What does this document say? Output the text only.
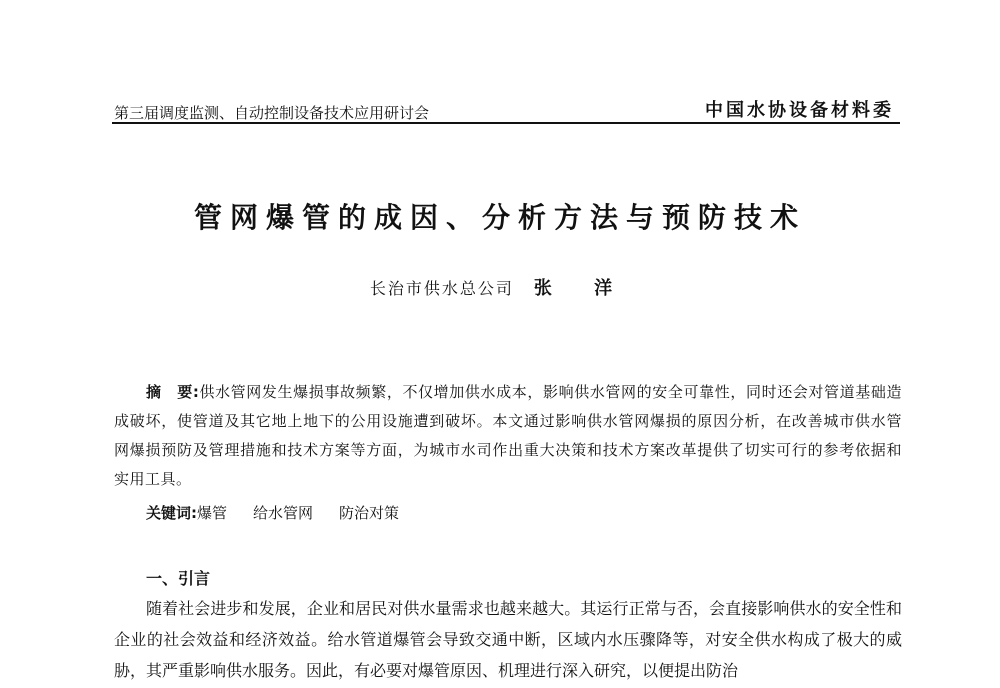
第三届调度监测、自动控制设备技术应用研讨会	中国水协设备材料委
管网爆管的成因、分析方法与预防技术
长治市供水总公司 张 洋
摘　要:供水管网发生爆损事故频繁，不仅增加供水成本，影响供水管网的安全可靠性，同时还会对管道基础造成破坏，使管道及其它地上地下的公用设施遭到破坏。本文通过影响供水管网爆损的原因分析，在改善城市供水管网爆损预防及管理措施和技术方案等方面，为城市水司作出重大决策和技术方案改革提供了切实可行的参考依据和实用工具。
关键词:爆管 给水管网 防治对策
一、引言
随着社会进步和发展，企业和居民对供水量需求也越来越大。其运行正常与否，会直接影响供水的安全性和企业的社会效益和经济效益。给水管道爆管会导致交通中断，区域内水压骤降等，对安全供水构成了极大的威胁，其严重影响供水服务。因此，有必要对爆管原因、机理进行深入研究，以便提出防治
